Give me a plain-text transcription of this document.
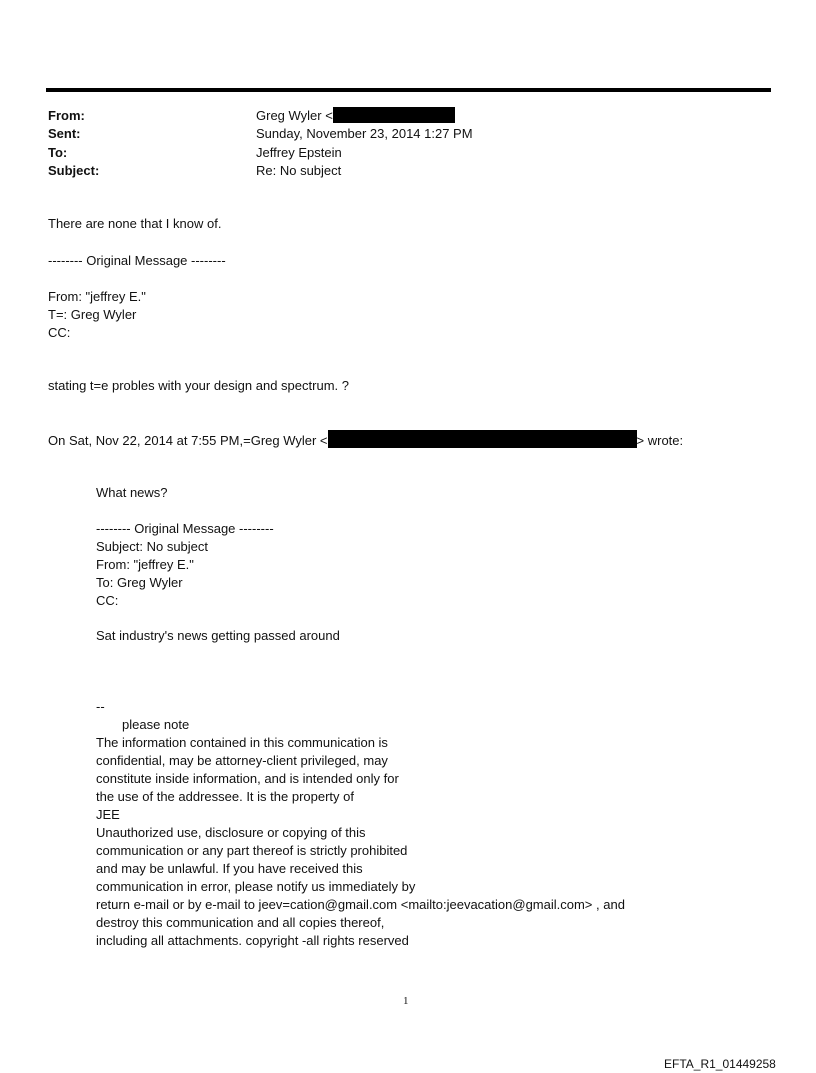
From:	Greg Wyler <
Sent:	Sunday, November 23, 2014 1:27 PM
To:	Jeffrey Epstein
Subject:	Re: No subject
There are none that I know of.
-------- Original Message --------
From: "jeffrey E."
T=: Greg Wyler
CC:
stating t=e probles with your design and spectrum. ?
On Sat, Nov 22, 2014 at 7:55 PM,=Greg Wyler <	> wrote:
What news?
-------- Original Message --------
Subject: No subject
From: "jeffrey E."
To: Greg Wyler
CC:
Sat industry's news getting passed around
--
please note
The information contained in this communication is
confidential, may be attorney-client privileged, may
constitute inside information, and is intended only for
the use of the addressee. It is the property of
JEE
Unauthorized use, disclosure or copying of this
communication or any part thereof is strictly prohibited
and may be unlawful. If you have received this
communication in error, please notify us immediately by
return e-mail or by e-mail to jeev=cation@gmail.com <mailto:jeevacation@gmail.com> , and
destroy this communication and all copies thereof,
including all attachments. copyright -all rights reserved
1
EFTA_R1_01449258
